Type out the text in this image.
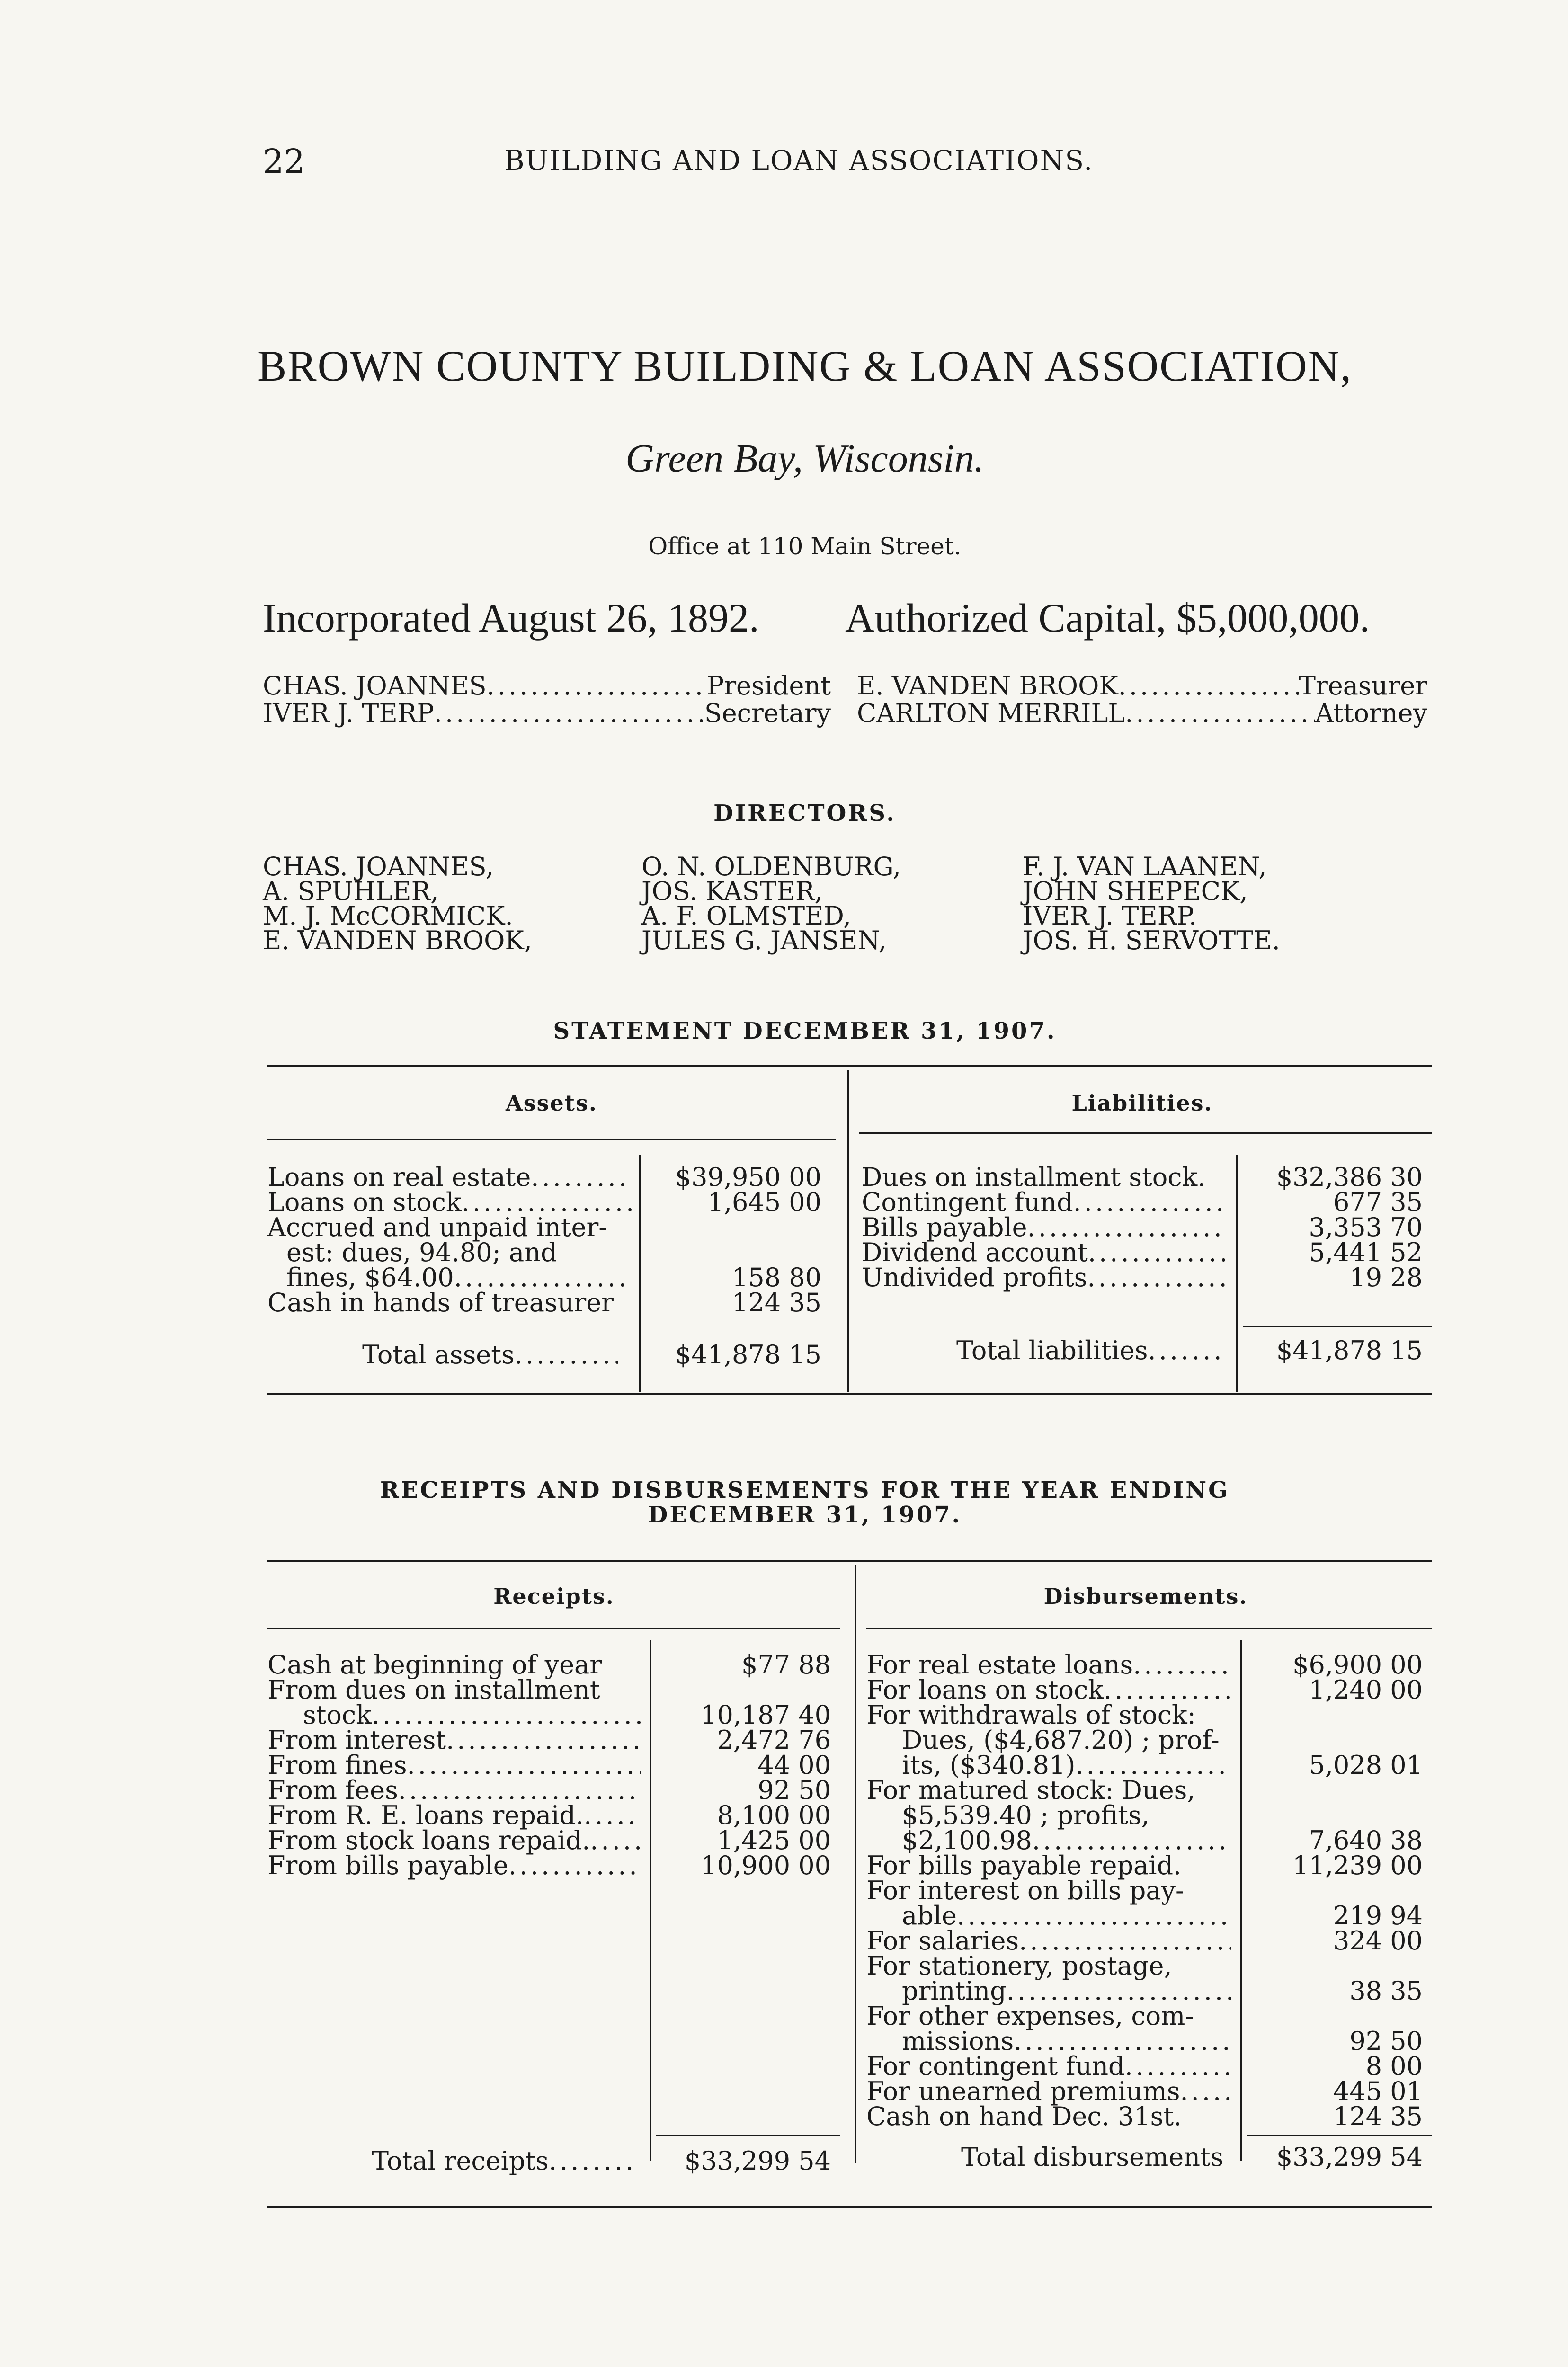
22	BUILDING AND LOAN ASSOCIATIONS.
BROWN COUNTY BUILDING & LOAN ASSOCIATION,
Green Bay, Wisconsin.
Office at 110 Main Street.
Incorporated August 26, 1892. Authorized Capital, $5,000,000.
CHAS. JOANNES .....	President E. VANDEN BROOK .....	Treasurer
IVER J. TERP .....	Secretary CARLTON MERRILL .....	Attorney
DIRECTORS.
CHAS. JOANNES,
A. SPUHLER,
M. J. McCORMICK.
E. VANDEN BROOK,
O. N. OLDENBURG,
JOS. KASTER,
A. F. OLMSTED,
JULES G. JANSEN,
F. J. VAN LAANEN,
JOHN SHEPECK,
IVER J. TERP.
JOS. H. SERVOTTE.
STATEMENT DECEMBER 31, 1907.
Assets.	Liabilities.
Loans on real estate .....	$39,950 00
Loans on stock .....	1,645 00
Accrued and unpaid inter-
est: dues, 94.80; and
fines, $64.00 .....	158 80
Cash in hands of treasurer	124 35
Dues on installment stock.	$32,386 30
Contingent fund .....	677 35
Bills payable .....	3,353 70
Dividend account .....	5,441 52
Undivided profits .....	19 28
Total assets .....	$41,878 15	Total liabilities .....	$41,878 15
RECEIPTS AND DISBURSEMENTS FOR THE YEAR ENDING
DECEMBER 31, 1907.
Receipts.	Disbursements.
Cash at beginning of year	$77 88
From dues on installment
stock .....	10,187 40
From interest .....	2,472 76
From fines .....	44 00
From fees .....	92 50
From R. E. loans repaid. .....	8,100 00
From stock loans repaid. .....	1,425 00
From bills payable .....	10,900 00
For real estate loans .....	$6,900 00
For loans on stock .....	1,240 00
For withdrawals of stock:
Dues, ($4,687.20) ; prof-
its, ($340.81) .....	5,028 01
For matured stock: Dues,
$5,539.40 ; profits,
$2,100.98 .....	7,640 38
For bills payable repaid.	11,239 00
For interest on bills pay-
able .....	219 94
For salaries .....	324 00
For stationery, postage,
printing .....	38 35
For other expenses, com-
missions .....	92 50
For contingent fund .....	8 00
For unearned premiums .....	445 01
Cash on hand Dec. 31st.	124 35
Total receipts .....	$33,299 54	Total disbursements	$33,299 54
